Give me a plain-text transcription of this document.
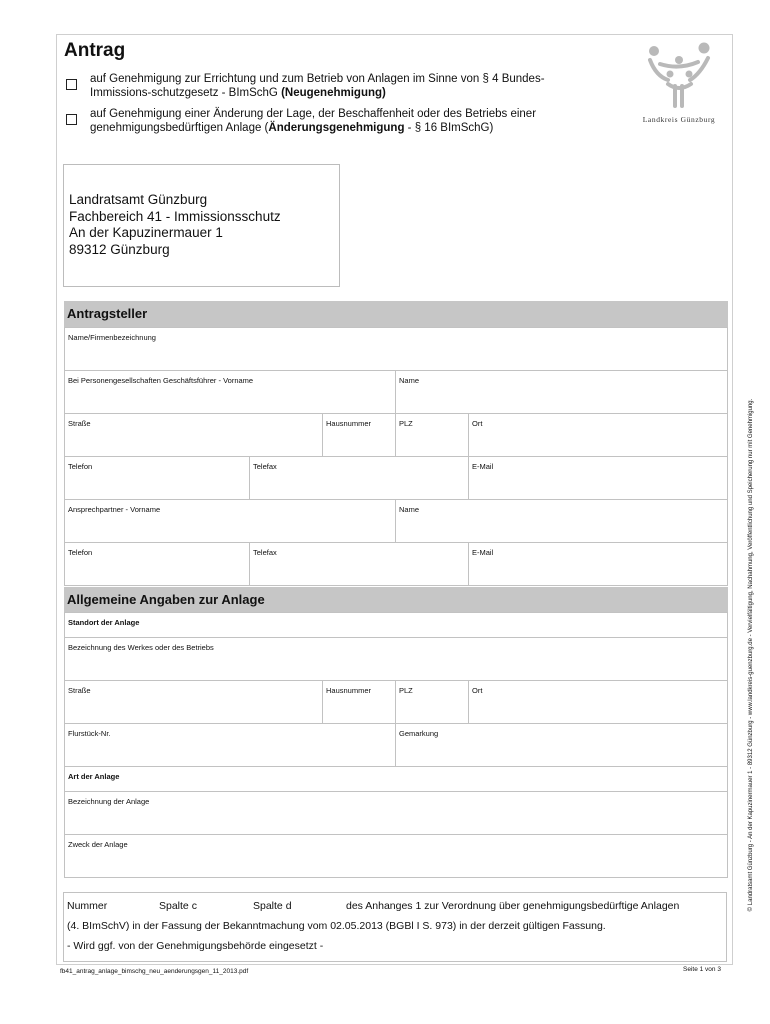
Antrag
auf Genehmigung zur Errichtung und zum Betrieb von Anlagen im Sinne von § 4 Bundes-
Immissions-schutzgesetz - BImSchG (Neugenehmigung)
auf Genehmigung einer Änderung der Lage, der Beschaffenheit oder des Betriebs einer
genehmigungsbedürftigen Anlage (Änderungsgenehmigung - § 16 BImSchG)
Landkreis Günzburg
Landratsamt Günzburg
Fachbereich 41 - Immissionsschutz
An der Kapuzinermauer 1
89312 Günzburg
Antragsteller
Name/Firmenbezeichnung
Bei Personengesellschaften Geschäftsführer - Vorname	Name
Straße	Hausnummer	PLZ	Ort
Telefon	Telefax	E-Mail
Ansprechpartner - Vorname	Name
Telefon	Telefax	E-Mail
Allgemeine Angaben zur Anlage
Standort der Anlage
Bezeichnung des Werkes oder des Betriebs
Straße	Hausnummer	PLZ	Ort
Flurstück-Nr.	Gemarkung
Art der Anlage
Bezeichnung der Anlage
Zweck der Anlage
Nummer	Spalte c	Spalte d	des Anhanges 1 zur Verordnung über genehmigungsbedürftige Anlagen
(4. BImSchV) in der Fassung der Bekanntmachung vom 02.05.2013 (BGBl I S. 973) in der derzeit gültigen Fassung.
- Wird ggf. von der Genehmigungsbehörde eingesetzt -
© Landratsamt Günzburg - An der Kapuzinermauer 1 - 89312 Günzburg - www.landkreis-guenzburg.de - Vervielfältigung, Nachahmung, Veröffentlichung und Speicherung nur mit Genehmigung.
fb41_antrag_anlage_bimschg_neu_aenderungsgen_11_2013.pdf	Seite 1 von 3
